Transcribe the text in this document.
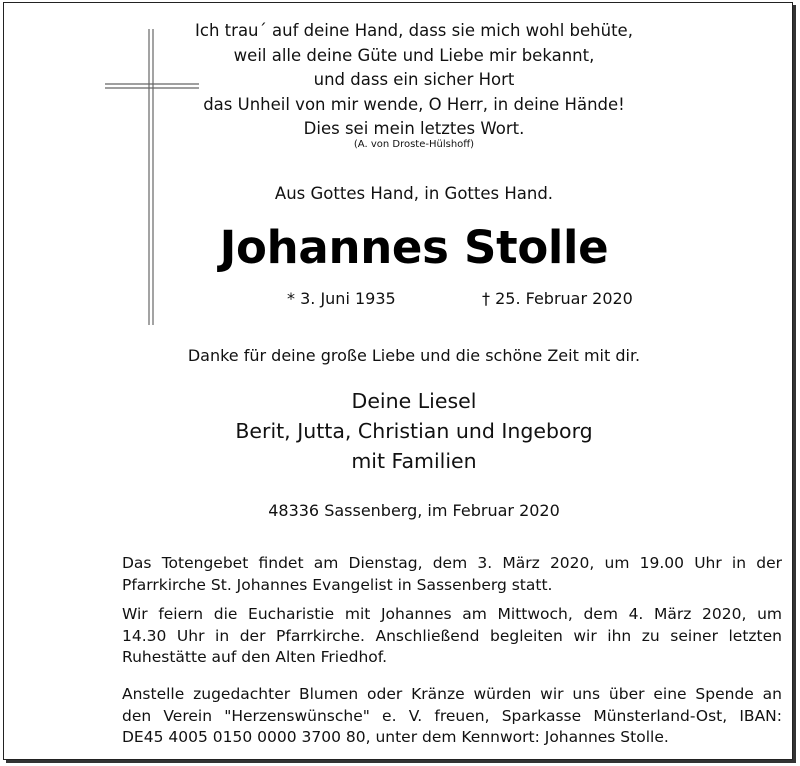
Ich trau´ auf deine Hand, dass sie mich wohl behüte,
weil alle deine Güte und Liebe mir bekannt,
und dass ein sicher Hort
das Unheil von mir wende, O Herr, in deine Hände!
Dies sei mein letztes Wort.
(A. von Droste-Hülshoff)
Aus Gottes Hand, in Gottes Hand.
Johannes Stolle
* 3. Juni 1935	† 25. Februar 2020
Danke für deine große Liebe und die schöne Zeit mit dir.
Deine Liesel
Berit, Jutta, Christian und Ingeborg
mit Familien
48336 Sassenberg, im Februar 2020
Das Totengebet findet am Dienstag, dem 3. März 2020, um 19.00 Uhr in der
Pfarrkirche St. Johannes Evangelist in Sassenberg statt.
Wir feiern die Eucharistie mit Johannes am Mittwoch, dem 4. März 2020, um
14.30 Uhr in der Pfarrkirche. Anschließend begleiten wir ihn zu seiner letzten
Ruhestätte auf den Alten Friedhof.
Anstelle zugedachter Blumen oder Kränze würden wir uns über eine Spende an
den Verein "Herzenswünsche" e. V. freuen, Sparkasse Münsterland-Ost, IBAN:
DE45 4005 0150 0000 3700 80, unter dem Kennwort: Johannes Stolle.
